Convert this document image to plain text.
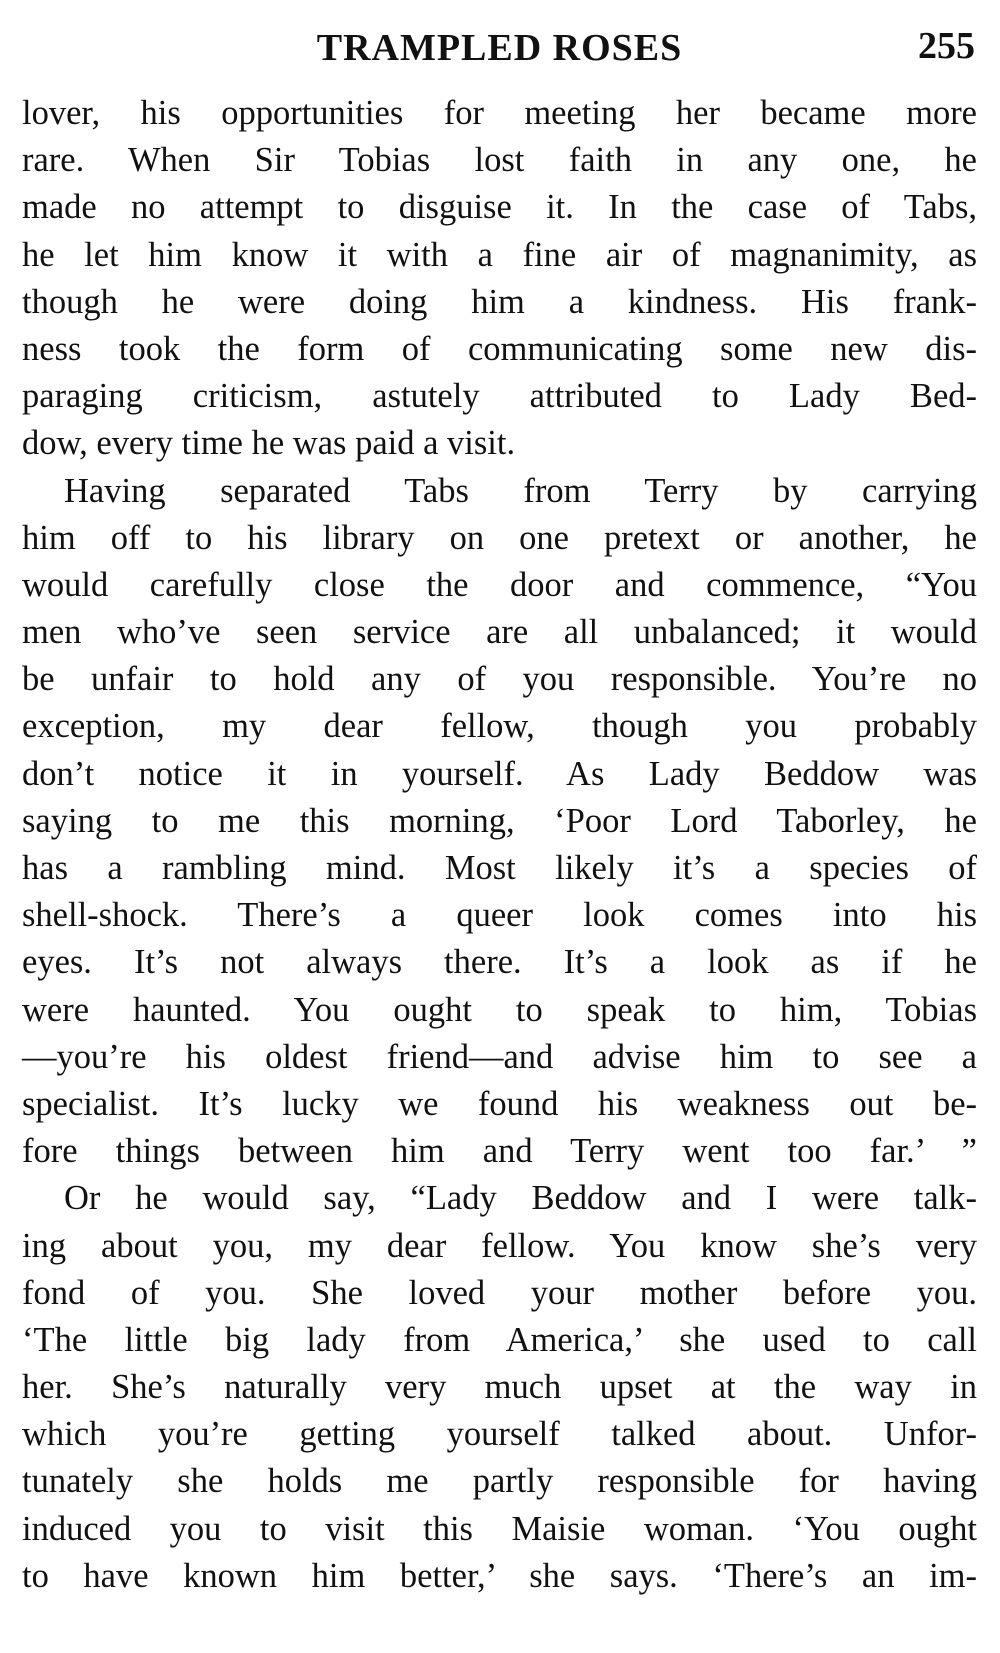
TRAMPLED ROSES	255
lover, his opportunities for meeting her became more
rare. When Sir Tobias lost faith in any one, he
made no attempt to disguise it. In the case of Tabs,
he let him know it with a fine air of magnanimity, as
though he were doing him a kindness. His frank-
ness took the form of communicating some new dis-
paraging criticism, astutely attributed to Lady Bed-
dow, every time he was paid a visit.
Having separated Tabs from Terry by carrying
him off to his library on one pretext or another, he
would carefully close the door and commence, “You
men who’ve seen service are all unbalanced; it would
be unfair to hold any of you responsible. You’re no
exception, my dear fellow, though you probably
don’t notice it in yourself. As Lady Beddow was
saying to me this morning, ‘Poor Lord Taborley, he
has a rambling mind. Most likely it’s a species of
shell-shock. There’s a queer look comes into his
eyes. It’s not always there. It’s a look as if he
were haunted. You ought to speak to him, Tobias
—you’re his oldest friend—and advise him to see a
specialist. It’s lucky we found his weakness out be-
fore things between him and Terry went too far.’ ”
Or he would say, “Lady Beddow and I were talk-
ing about you, my dear fellow. You know she’s very
fond of you. She loved your mother before you.
‘The little big lady from America,’ she used to call
her. She’s naturally very much upset at the way in
which you’re getting yourself talked about. Unfor-
tunately she holds me partly responsible for having
induced you to visit this Maisie woman. ‘You ought
to have known him better,’ she says. ‘There’s an im-
